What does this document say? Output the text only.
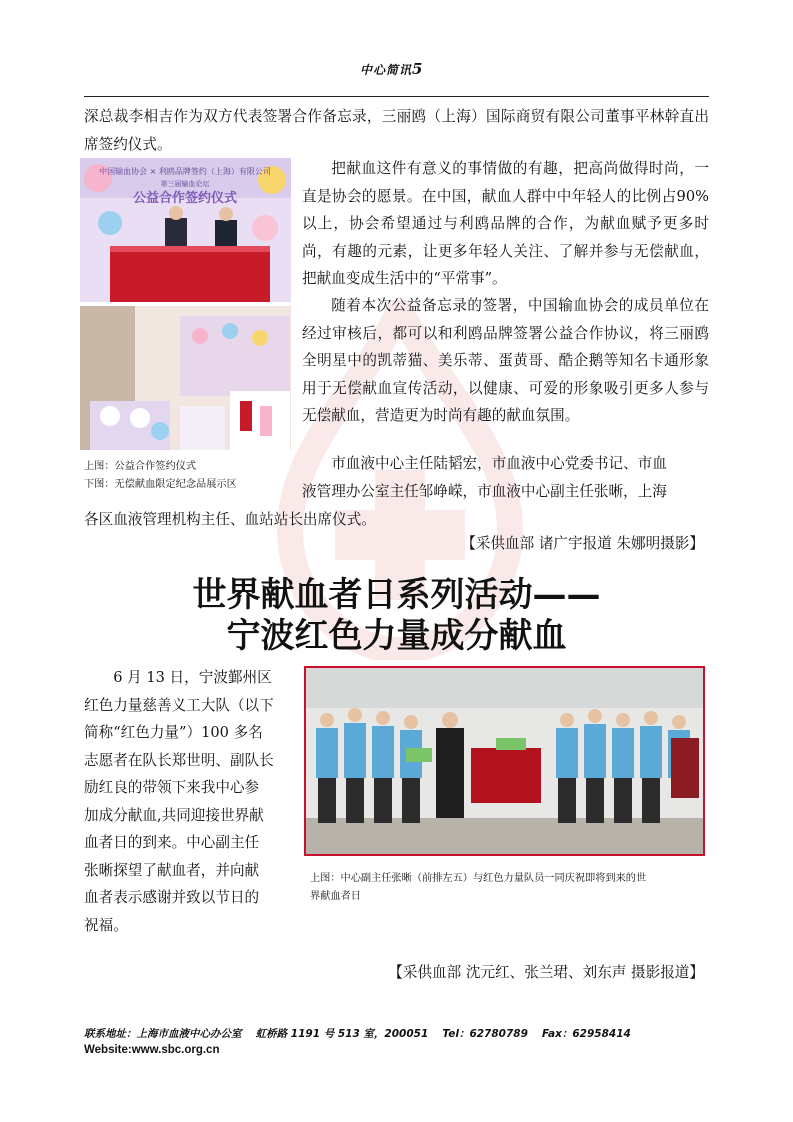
中心简讯5

深总裁李相吉作为双方代表签署合作备忘录，三丽鸥（上海）国际商贸有限公司董事平林幹直出席签约仪式。

中国输血协会 × 利鸥品牌签约（上海）有限公司
第三届输血论坛
公益合作签约仪式
上图：公益合作签约仪式
下图：无偿献血限定纪念品展示区

把献血这件有意义的事情做的有趣，把高尚做得时尚，一直是协会的愿景。在中国，献血人群中中年轻人的比例占90%以上，协会希望通过与利鸥品牌的合作，为献血赋予更多时尚，有趣的元素，让更多年轻人关注、了解并参与无偿献血，把献血变成生活中的“平常事”。

随着本次公益备忘录的签署，中国输血协会的成员单位在经过审核后，都可以和利鸥品牌签署公益合作协议，将三丽鸥全明星中的凯蒂猫、美乐蒂、蛋黄哥、酷企鹅等知名卡通形象用于无偿献血宣传活动，以健康、可爱的形象吸引更多人参与无偿献血，营造更为时尚有趣的献血氛围。

市血液中心主任陆韬宏，市血液中心党委书记、市血

液管理办公室主任邹峥嵘，市血液中心副主任张晰，上海

各区血液管理机构主任、血站站长出席仪式。

【采供血部 诸广宇报道 朱娜明摄影】
世界献血者日系列活动——
宁波红色力量成分献血
6 月 13 日，宁波鄞州区
红色力量慈善义工大队（以下
简称“红色力量”）100 多名
志愿者在队长郑世明、副队长
励红良的带领下来我中心参
加成分献血,共同迎接世界献
血者日的到来。中心副主任
张晰探望了献血者，并向献
血者表示感谢并致以节日的
祝福。
上图：中心副主任张晰（前排左五）与红色力量队员一同庆祝即将到来的世
界献血者日
【采供血部 沈元红、张兰珺、刘东声 摄影报道】
联系地址：上海市血液中心办公室　 虹桥路 1191 号 513 室，200051　 Tel：62780789　 Fax：62958414
Website:www.sbc.org.cn
